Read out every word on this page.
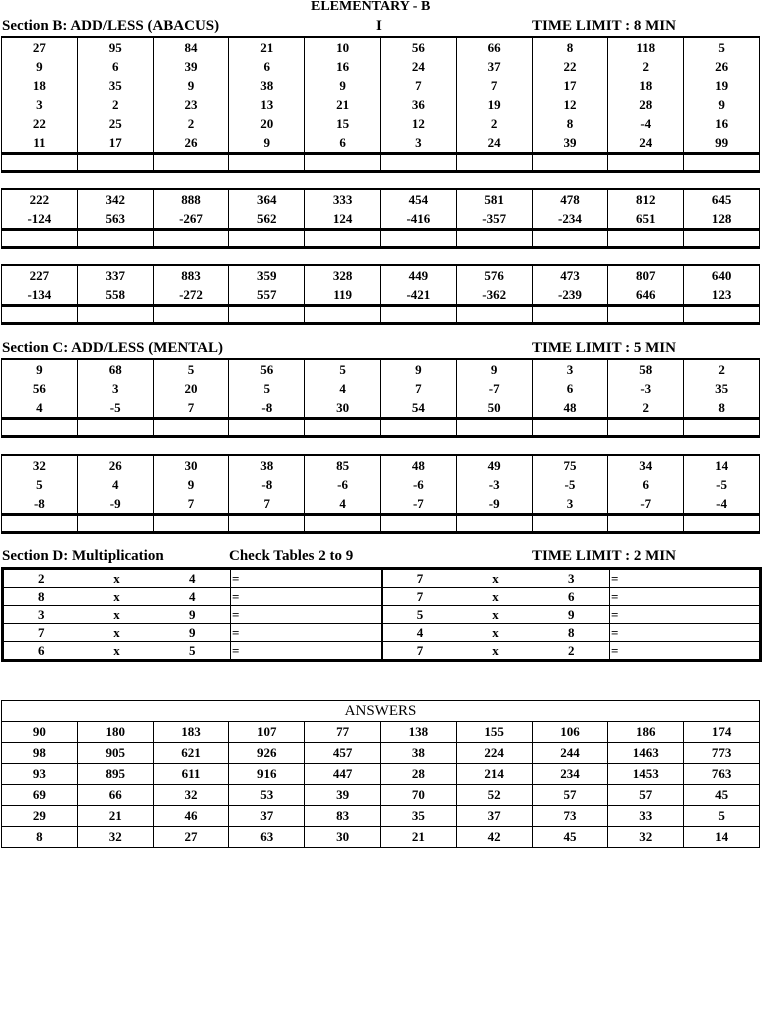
ELEMENTARY - B
Section B: ADD/LESS (ABACUS)	I	TIME LIMIT : 8 MIN
27	95	84	21	10	56	66	8	118	5
9	6	39	6	16	24	37	22	2	26
18	35	9	38	9	7	7	17	18	19
3	2	23	13	21	36	19	12	28	9
22	25	2	20	15	12	2	8	-4	16
11	17	26	9	6	3	24	39	24	99

222	342	888	364	333	454	581	478	812	645
-124	563	-267	562	124	-416	-357	-234	651	128

227	337	883	359	328	449	576	473	807	640
-134	558	-272	557	119	-421	-362	-239	646	123

Section C: ADD/LESS (MENTAL)	TIME LIMIT : 5 MIN
9	68	5	56	5	9	9	3	58	2
56	3	20	5	4	7	-7	6	-3	35
4	-5	7	-8	30	54	50	48	2	8

32	26	30	38	85	48	49	75	34	14
5	4	9	-8	-6	-6	-3	-5	6	-5
-8	-9	7	7	4	-7	-9	3	-7	-4

Section D: Multiplication	Check Tables 2 to 9	TIME LIMIT : 2 MIN
2	x	4	=	7	x	3	=
8	x	4	=	7	x	6	=
3	x	9	=	5	x	9	=
7	x	9	=	4	x	8	=
6	x	5	=	7	x	2	=
ANSWERS									
90	180	183	107	77	138	155	106	186	174
98	905	621	926	457	38	224	244	1463	773
93	895	611	916	447	28	214	234	1453	763
69	66	32	53	39	70	52	57	57	45
29	21	46	37	83	35	37	73	33	5
8	32	27	63	30	21	42	45	32	14
